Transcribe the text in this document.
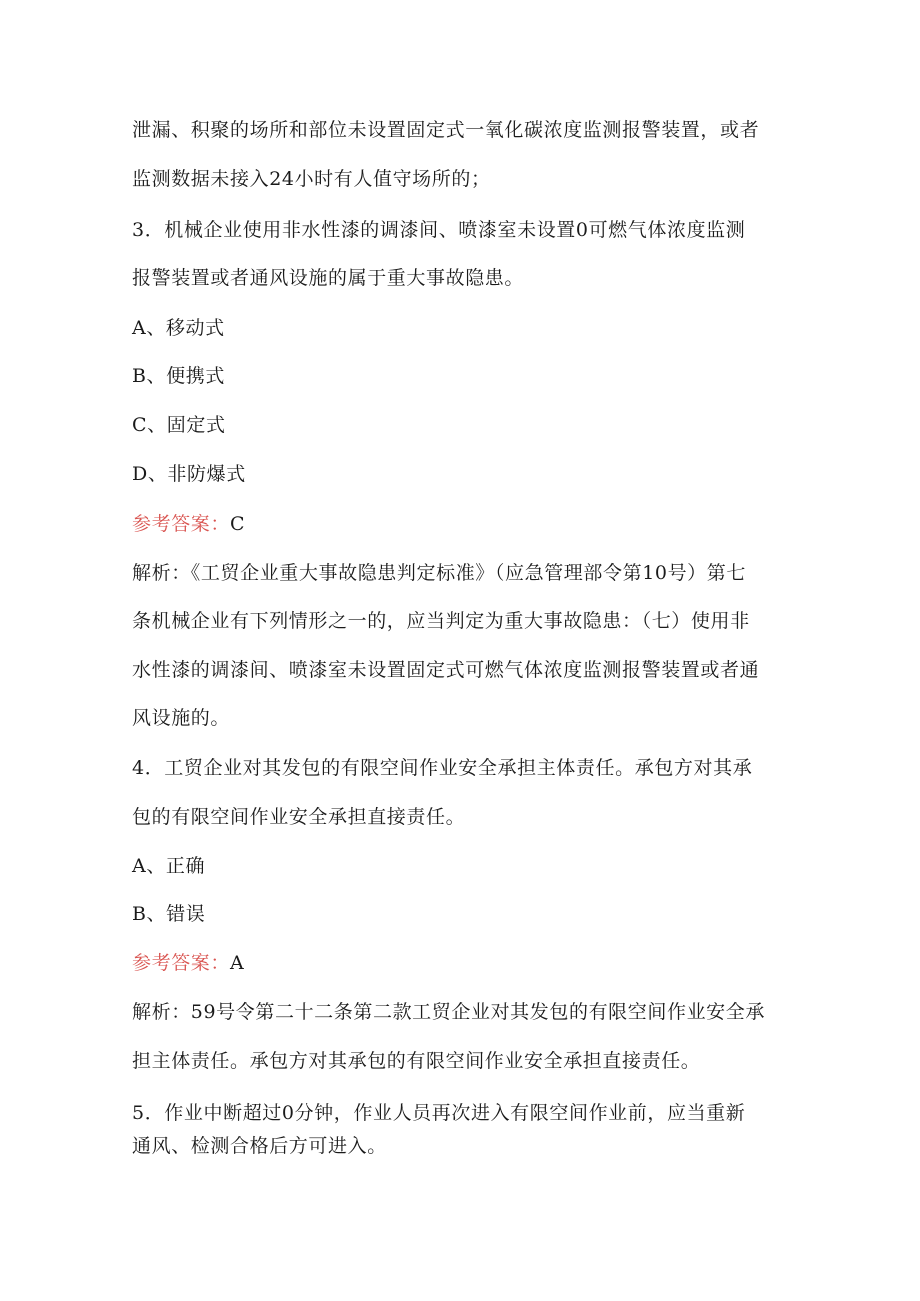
泄漏、积聚的场所和部位未设置固定式一氧化碳浓度监测报警装置，或者
监测数据未接入24小时有人值守场所的；
3．机械企业使用非水性漆的调漆间、喷漆室未设置0可燃气体浓度监测
报警装置或者通风设施的属于重大事故隐患。
A、移动式
B、便携式
C、固定式
D、非防爆式
参考答案：C
解析：《工贸企业重大事故隐患判定标准》（应急管理部令第10号）第七
条机械企业有下列情形之一的，应当判定为重大事故隐患：（七）使用非
水性漆的调漆间、喷漆室未设置固定式可燃气体浓度监测报警装置或者通
风设施的。
4．工贸企业对其发包的有限空间作业安全承担主体责任。承包方对其承
包的有限空间作业安全承担直接责任。
A、正确
B、错误
参考答案：A
解析：59号令第二十二条第二款工贸企业对其发包的有限空间作业安全承
担主体责任。承包方对其承包的有限空间作业安全承担直接责任。
5．作业中断超过0分钟，作业人员再次进入有限空间作业前，应当重新
通风、检测合格后方可进入。
